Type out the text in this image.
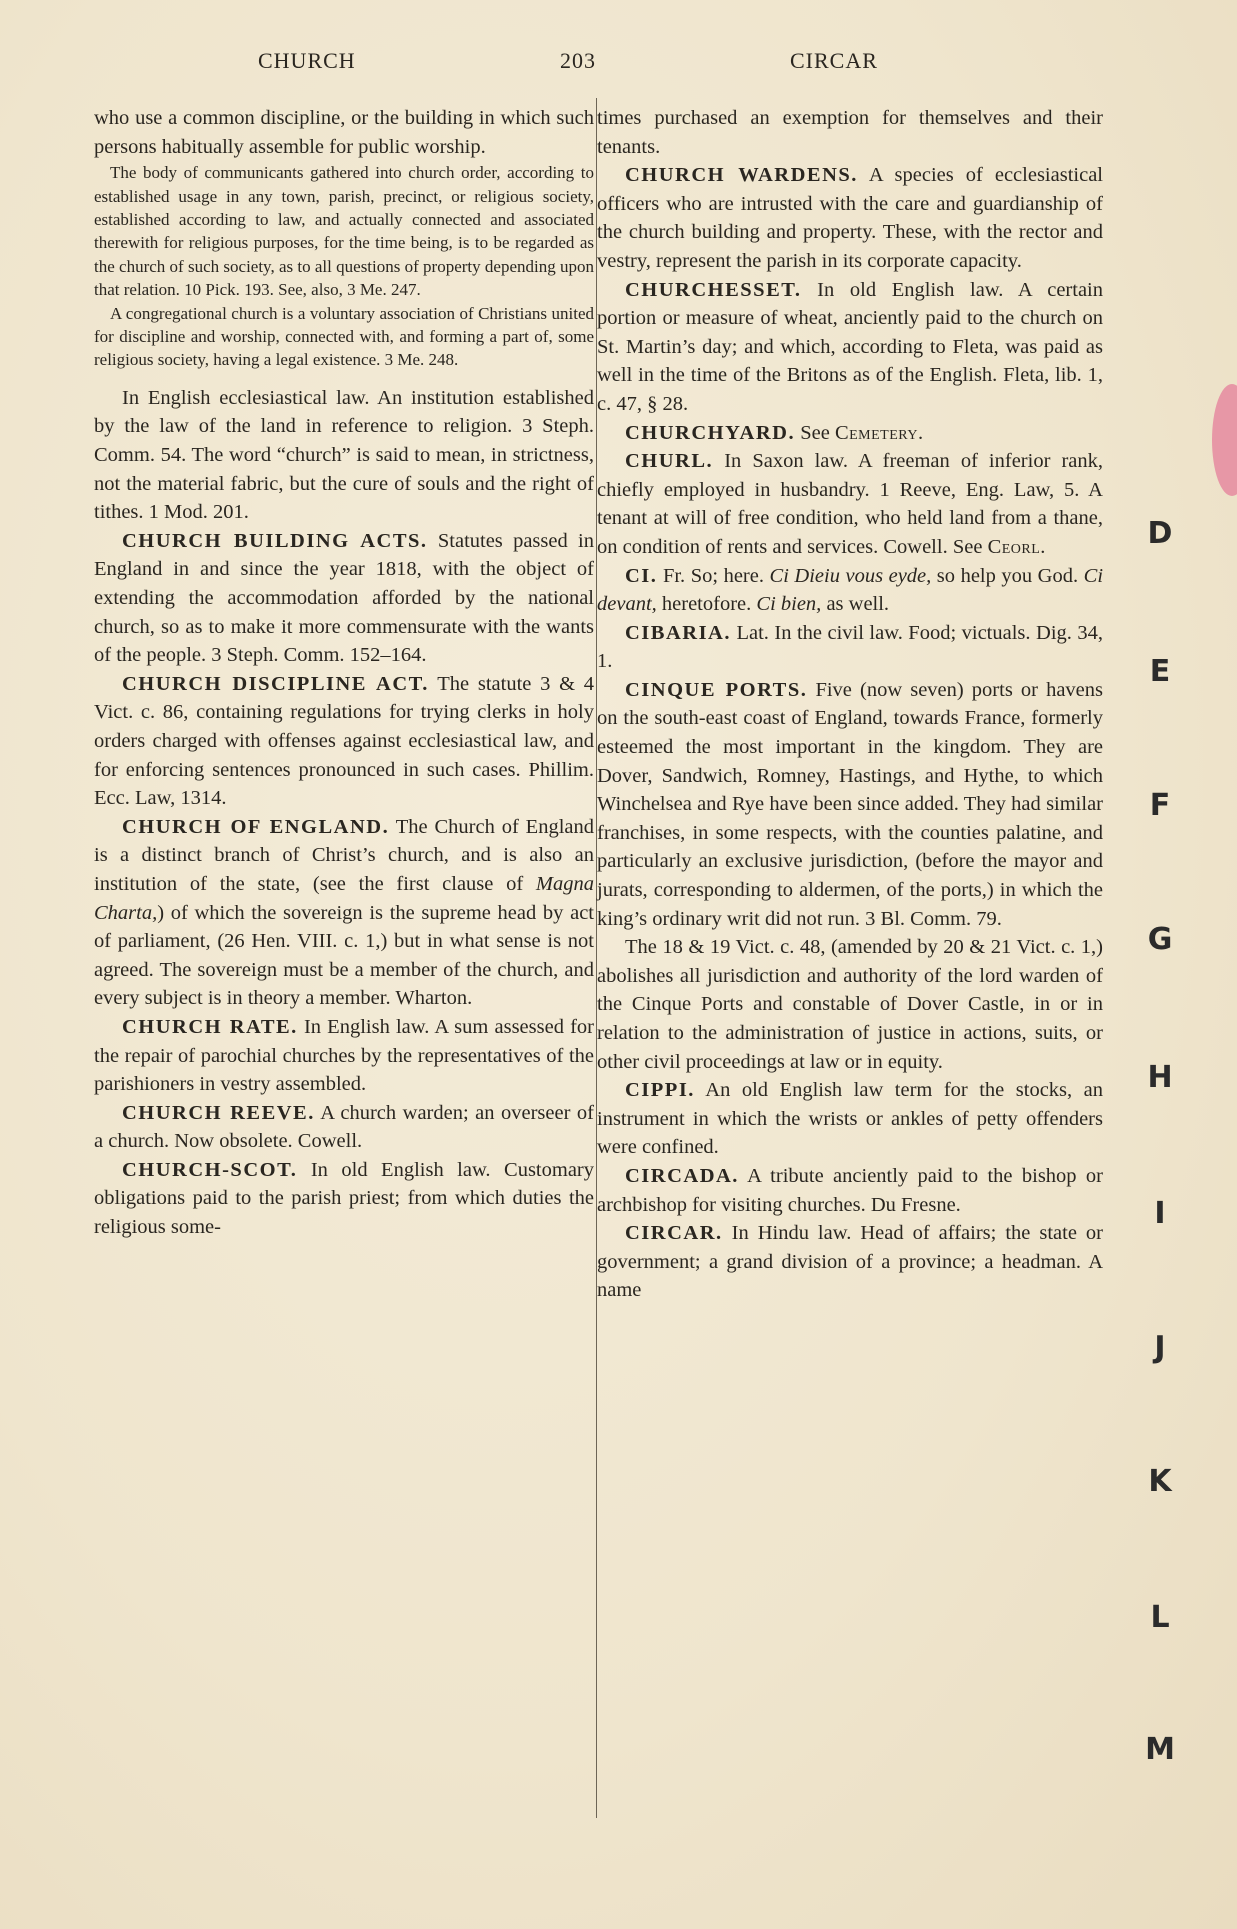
CHURCH	203	CIRCAR

who use a common discipline, or the building in which such persons habitually assemble for public worship.

The body of communicants gathered into church order, according to established usage in any town, parish, precinct, or religious society, established according to law, and actually connected and associated therewith for religious purposes, for the time being, is to be regarded as the church of such society, as to all questions of property depending upon that relation. 10 Pick. 193. See, also, 3 Me. 247.

A congregational church is a voluntary association of Christians united for discipline and worship, connected with, and forming a part of, some religious society, having a legal existence. 3 Me. 248.

In English ecclesiastical law. An institution established by the law of the land in reference to religion. 3 Steph. Comm. 54. The word “church” is said to mean, in strictness, not the material fabric, but the cure of souls and the right of tithes. 1 Mod. 201.

CHURCH BUILDING ACTS. Statutes passed in England in and since the year 1818, with the object of extending the accommodation afforded by the national church, so as to make it more commensurate with the wants of the people. 3 Steph. Comm. 152–164.

CHURCH DISCIPLINE ACT. The statute 3 & 4 Vict. c. 86, containing regulations for trying clerks in holy orders charged with offenses against ecclesiastical law, and for enforcing sentences pronounced in such cases. Phillim. Ecc. Law, 1314.

CHURCH OF ENGLAND. The Church of England is a distinct branch of Christ’s church, and is also an institution of the state, (see the first clause of Magna Charta,) of which the sovereign is the supreme head by act of parliament, (26 Hen. VIII. c. 1,) but in what sense is not agreed. The sovereign must be a member of the church, and every subject is in theory a member. Wharton.

CHURCH RATE. In English law. A sum assessed for the repair of parochial churches by the representatives of the parishioners in vestry assembled.

CHURCH REEVE. A church warden; an overseer of a church. Now obsolete. Cowell.

CHURCH-SCOT. In old English law. Customary obligations paid to the parish priest; from which duties the religious some-

times purchased an exemption for themselves and their tenants.

CHURCH WARDENS. A species of ecclesiastical officers who are intrusted with the care and guardianship of the church building and property. These, with the rector and vestry, represent the parish in its corporate capacity.

CHURCHESSET. In old English law. A certain portion or measure of wheat, anciently paid to the church on St. Martin’s day; and which, according to Fleta, was paid as well in the time of the Britons as of the English. Fleta, lib. 1, c. 47, § 28.

CHURCHYARD. See Cemetery.

CHURL. In Saxon law. A freeman of inferior rank, chiefly employed in husbandry. 1 Reeve, Eng. Law, 5. A tenant at will of free condition, who held land from a thane, on condition of rents and services. Cowell. See Ceorl.

CI. Fr. So; here. Ci Dieiu vous eyde, so help you God. Ci devant, heretofore. Ci bien, as well.

CIBARIA. Lat. In the civil law. Food; victuals. Dig. 34, 1.

CINQUE PORTS. Five (now seven) ports or havens on the south-east coast of England, towards France, formerly esteemed the most important in the kingdom. They are Dover, Sandwich, Romney, Hastings, and Hythe, to which Winchelsea and Rye have been since added. They had similar franchises, in some respects, with the counties palatine, and particularly an exclusive jurisdiction, (before the mayor and jurats, corresponding to aldermen, of the ports,) in which the king’s ordinary writ did not run. 3 Bl. Comm. 79.

The 18 & 19 Vict. c. 48, (amended by 20 & 21 Vict. c. 1,) abolishes all jurisdiction and authority of the lord warden of the Cinque Ports and constable of Dover Castle, in or in relation to the administration of justice in actions, suits, or other civil proceedings at law or in equity.

CIPPI. An old English law term for the stocks, an instrument in which the wrists or ankles of petty offenders were confined.

CIRCADA. A tribute anciently paid to the bishop or archbishop for visiting churches. Du Fresne.

CIRCAR. In Hindu law. Head of affairs; the state or government; a grand division of a province; a headman. A name

D
E
F
G
H
I
J
K
L
M
